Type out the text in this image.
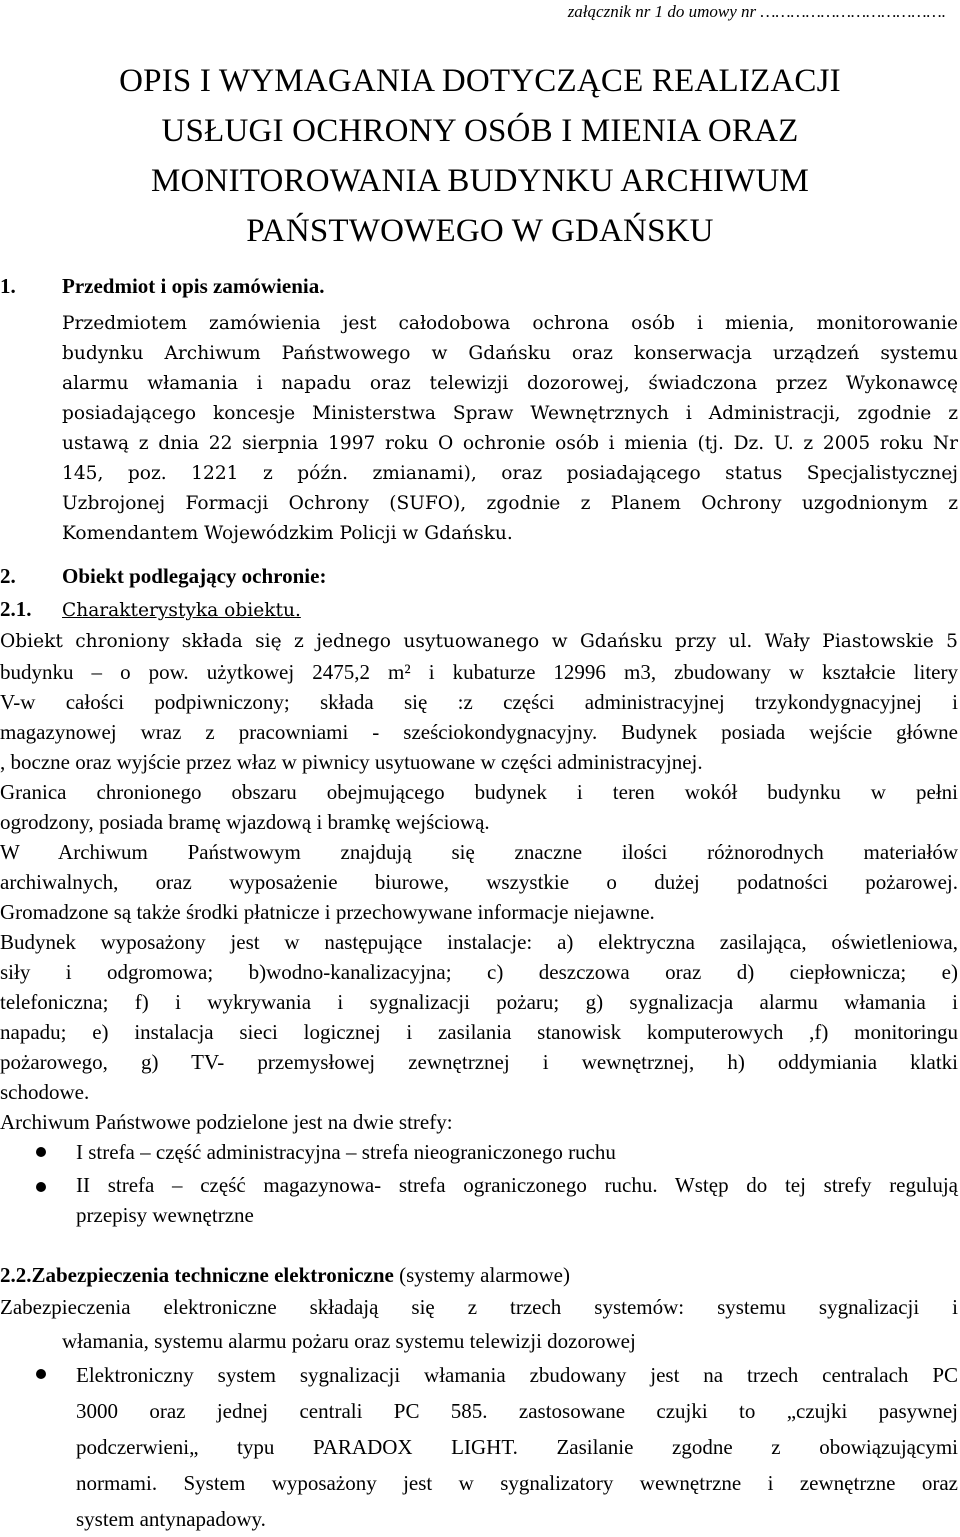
załącznik nr 1 do umowy nr ……………………………….
OPIS I WYMAGANIA DOTYCZĄCE REALIZACJI
USŁUGI OCHRONY OSÓB I MIENIA ORAZ
MONITOROWANIA BUDYNKU ARCHIWUM
PAŃSTWOWEGO W GDAŃSKU
1. Przedmiot i opis zamówienia.
Przedmiotem zamówienia jest całodobowa ochrona osób i mienia, monitorowanie
budynku Archiwum Państwowego w Gdańsku oraz konserwacja urządzeń systemu
alarmu włamania i napadu oraz telewizji dozorowej, świadczona przez Wykonawcę
posiadającego koncesje Ministerstwa Spraw Wewnętrznych i Administracji, zgodnie z
ustawą z dnia 22 sierpnia 1997 roku O ochronie osób i mienia (tj. Dz. U. z 2005 roku Nr
145, poz. 1221 z późn. zmianami), oraz posiadającego status Specjalistycznej
Uzbrojonej Formacji Ochrony (SUFO), zgodnie z Planem Ochrony uzgodnionym z
Komendantem Wojewódzkim Policji w Gdańsku.
2. Obiekt podlegający ochronie:
2.1. Charakterystyka obiektu.
Obiekt chroniony składa się z jednego usytuowanego w Gdańsku przy ul. Wały Piastowskie 5
budynku – o pow. użytkowej 2475,2 m² i kubaturze 12996 m3, zbudowany w kształcie litery
V-w całości podpiwniczony; składa się :z części administracyjnej trzykondygnacyjnej i
magazynowej wraz z pracowniami - sześciokondygnacyjny. Budynek posiada wejście główne
, boczne oraz wyjście przez właz w piwnicy usytuowane w części administracyjnej.
Granica chronionego obszaru obejmującego budynek i teren wokół budynku w pełni
ogrodzony, posiada bramę wjazdową i bramkę wejściową.
W Archiwum Państwowym znajdują się znaczne ilości różnorodnych materiałów
archiwalnych, oraz wyposażenie biurowe, wszystkie o dużej podatności pożarowej.
Gromadzone są także środki płatnicze i przechowywane informacje niejawne.
Budynek wyposażony jest w następujące instalacje: a) elektryczna zasilająca, oświetleniowa,
siły i odgromowa; b)wodno-kanalizacyjna; c) deszczowa oraz d) ciepłownicza; e)
telefoniczna; f) i wykrywania i sygnalizacji pożaru; g) sygnalizacja alarmu włamania i
napadu; e) instalacja sieci logicznej i zasilania stanowisk komputerowych ,f) monitoringu
pożarowego, g) TV- przemysłowej zewnętrznej i wewnętrznej, h) oddymiania klatki
schodowe.
Archiwum Państwowe podzielone jest na dwie strefy:
I strefa – część administracyjna – strefa nieograniczonego ruchu
II strefa – część magazynowa- strefa ograniczonego ruchu. Wstęp do tej strefy regulują
przepisy wewnętrzne
2.2.Zabezpieczenia techniczne elektroniczne (systemy alarmowe)
Zabezpieczenia elektroniczne składają się z trzech systemów: systemu sygnalizacji i
włamania, systemu alarmu pożaru oraz systemu telewizji dozorowej
Elektroniczny system sygnalizacji włamania zbudowany jest na trzech centralach PC
3000 oraz jednej centrali PC 585. zastosowane czujki to „czujki pasywnej
podczerwieni„ typu PARADOX LIGHT. Zasilanie zgodne z obowiązującymi
normami. System wyposażony jest w sygnalizatory wewnętrzne i zewnętrzne oraz
system antynapadowy.
